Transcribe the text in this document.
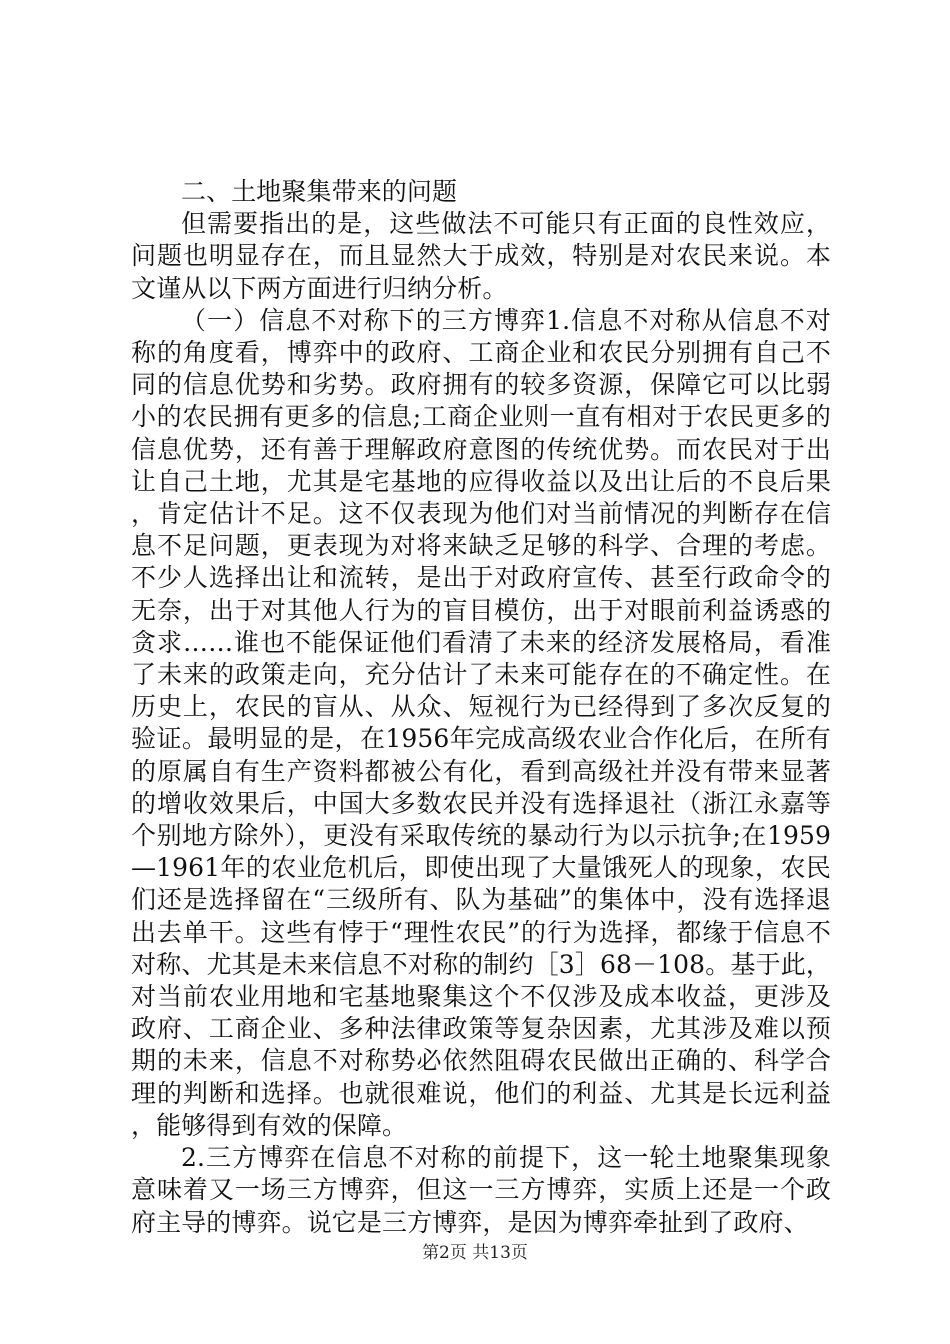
二、土地聚集带来的问题

但需要指出的是，这些做法不可能只有正面的良性效应，问题也明显存在，而且显然大于成效，特别是对农民来说。本文谨从以下两方面进行归纳分析。

（一）信息不对称下的三方博弈1.信息不对称从信息不对称的角度看，博弈中的政府、工商企业和农民分别拥有自己不同的信息优势和劣势。政府拥有的较多资源，保障它可以比弱小的农民拥有更多的信息;工商企业则一直有相对于农民更多的信息优势，还有善于理解政府意图的传统优势。而农民对于出让自己土地，尤其是宅基地的应得收益以及出让后的不良后果，肯定估计不足。这不仅表现为他们对当前情况的判断存在信息不足问题，更表现为对将来缺乏足够的科学、合理的考虑。不少人选择出让和流转，是出于对政府宣传、甚至行政命令的无奈，出于对其他人行为的盲目模仿，出于对眼前利益诱惑的贪求……谁也不能保证他们看清了未来的经济发展格局，看准了未来的政策走向，充分估计了未来可能存在的不确定性。在历史上，农民的盲从、从众、短视行为已经得到了多次反复的验证。最明显的是，在1956年完成高级农业合作化后，在所有的原属自有生产资料都被公有化，看到高级社并没有带来显著的增收效果后，中国大多数农民并没有选择退社（浙江永嘉等个别地方除外），更没有采取传统的暴动行为以示抗争;在1959—1961年的农业危机后，即使出现了大量饿死人的现象，农民们还是选择留在“三级所有、队为基础”的集体中，没有选择退出去单干。这些有悖于“理性农民”的行为选择，都缘于信息不对称、尤其是未来信息不对称的制约［3］68－108。基于此，对当前农业用地和宅基地聚集这个不仅涉及成本收益，更涉及政府、工商企业、多种法律政策等复杂因素，尤其涉及难以预期的未来，信息不对称势必依然阻碍农民做出正确的、科学合理的判断和选择。也就很难说，他们的利益、尤其是长远利益，能够得到有效的保障。

2.三方博弈在信息不对称的前提下，这一轮土地聚集现象意味着又一场三方博弈，但这一三方博弈，实质上还是一个政府主导的博弈。说它是三方博弈，是因为博弈牵扯到了政府、

第2页 共13页
